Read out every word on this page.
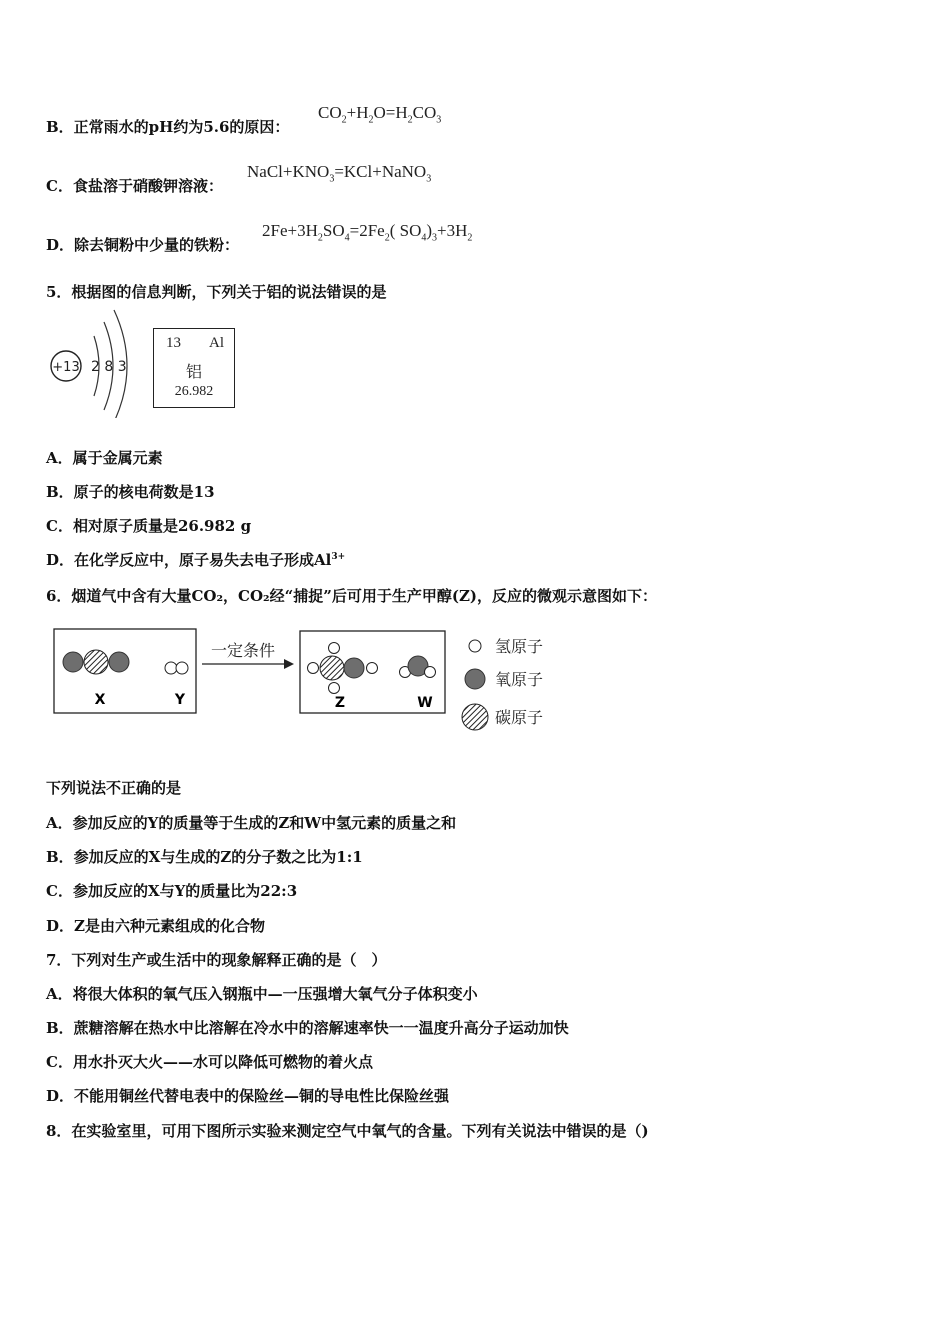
B．正常雨水的pH约为5.6的原因：
$CO_2+H_2O=H_2CO_3$
C．食盐溶于硝酸钾溶液：
$NaCl+KNO_3=KCl+NaNO_3$
D．除去铜粉中少量的铁粉：
$2Fe+3H_2SO_4=2Fe_2$( $SO_4)_3+3H_2$
5．根据图的信息判断，下列关于铝的说法错误的是
+13 2 8 3
13 Al
铝
26.982
A．属于金属元素
B．原子的核电荷数是13
C．相对原子质量是26.982 g
D．在化学反应中，原子易失去电子形成$Al^{3+}$
6．烟道气中含有大量CO₂，CO₂经“捕捉”后可用于生产甲醇(Z)，反应的微观示意图如下：
X	Y
一定条件
Z	W
氢原子
氧原子
碳原子
下列说法不正确的是
A．参加反应的Y的质量等于生成的Z和W中氢元素的质量之和
B．参加反应的X与生成的Z的分子数之比为1:1
C．参加反应的X与Y的质量比为22:3
D．Z是由六种元素组成的化合物
7．下列对生产或生活中的现象解释正确的是（　）
A．将很大体积的氧气压入钢瓶中—一压强增大氧气分子体积变小
B．蔗糖溶解在热水中比溶解在冷水中的溶解速率快一一温度升高分子运动加快
C．用水扑灭大火——水可以降低可燃物的着火点
D．不能用铜丝代替电表中的保险丝—铜的导电性比保险丝强
8．在实验室里，可用下图所示实验来测定空气中氧气的含量。下列有关说法中错误的是（)
